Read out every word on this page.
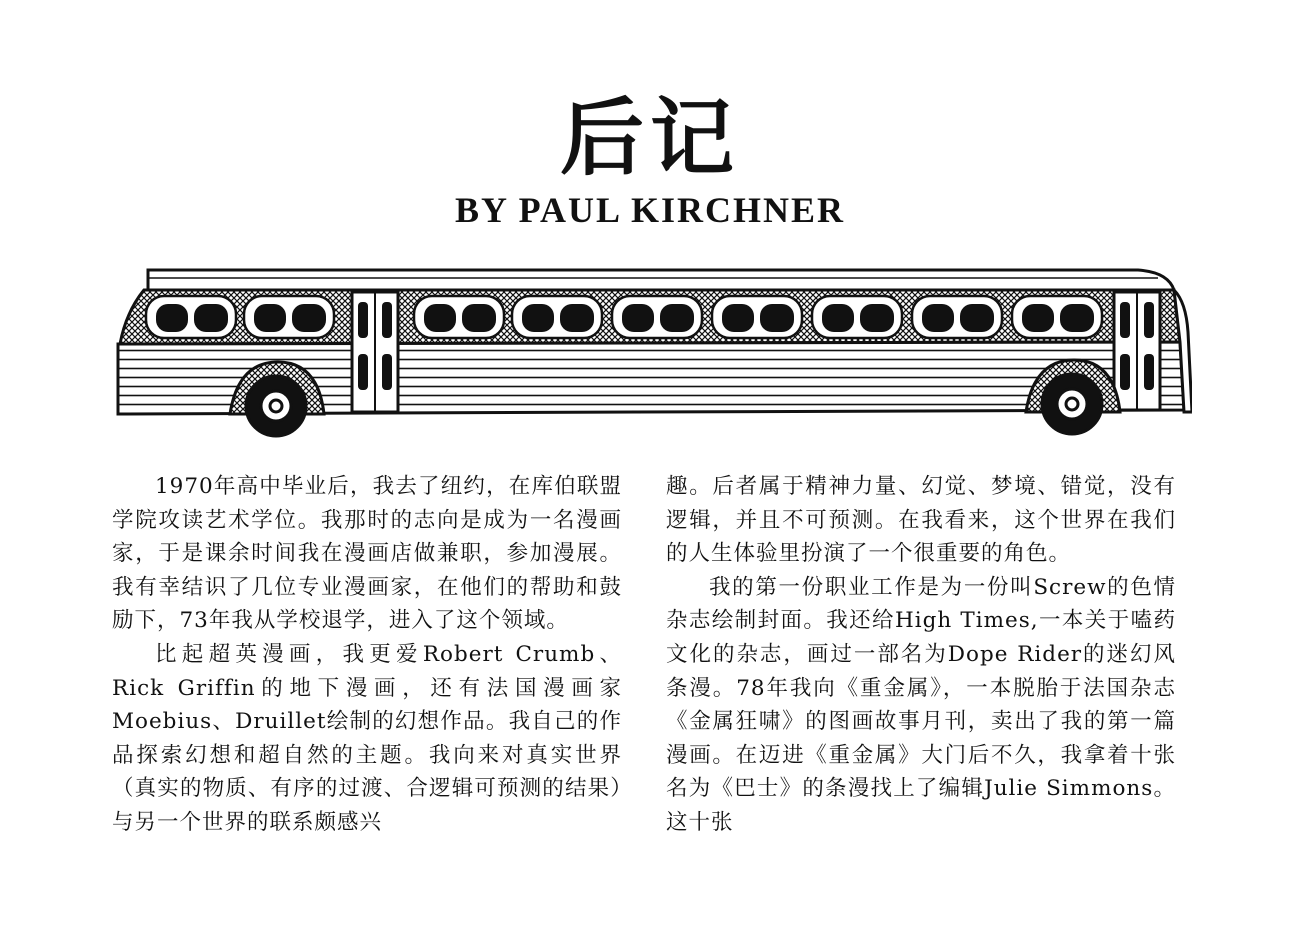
后记
BY PAUL KIRCHNER

1970年高中毕业后，我去了纽约，在库伯联盟学院攻读艺术学位。我那时的志向是成为一名漫画家，于是课余时间我在漫画店做兼职，参加漫展。我有幸结识了几位专业漫画家，在他们的帮助和鼓励下，73年我从学校退学，进入了这个领域。

比起超英漫画，我更爱Robert Crumb、Rick Griffin的地下漫画，还有法国漫画家Moebius、Druillet绘制的幻想作品。我自己的作品探索幻想和超自然的主题。我向来对真实世界（真实的物质、有序的过渡、合逻辑可预测的结果）与另一个世界的联系颇感兴

趣。后者属于精神力量、幻觉、梦境、错觉，没有逻辑，并且不可预测。在我看来，这个世界在我们的人生体验里扮演了一个很重要的角色。

我的第一份职业工作是为一份叫Screw的色情杂志绘制封面。我还给High Times,一本关于嗑药文化的杂志，画过一部名为Dope Rider的迷幻风条漫。78年我向《重金属》，一本脱胎于法国杂志《金属狂啸》的图画故事月刊，卖出了我的第一篇漫画。在迈进《重金属》大门后不久，我拿着十张名为《巴士》的条漫找上了编辑Julie Simmons。这十张
